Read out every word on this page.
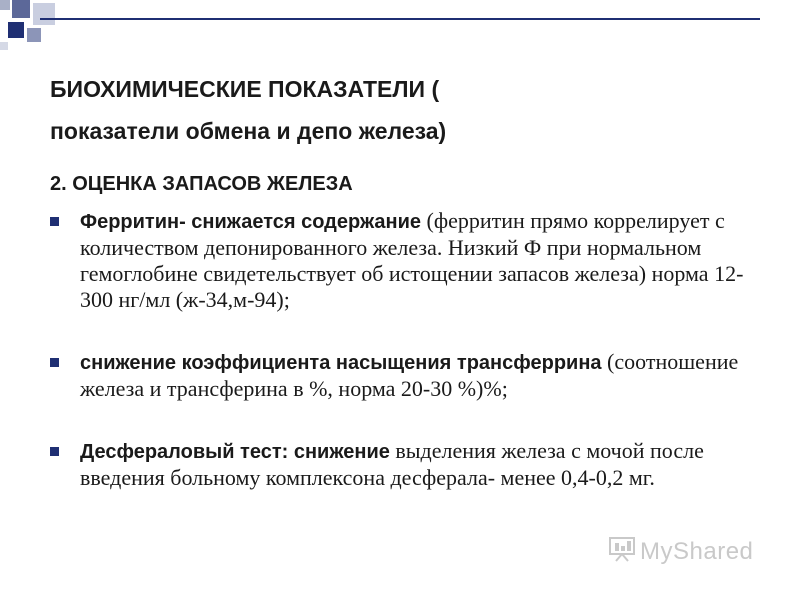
БИОХИМИЧЕСКИЕ ПОКАЗАТЕЛИ (
показатели обмена и депо железа)
2. ОЦЕНКА ЗАПАСОВ ЖЕЛЕЗА
Ферритин- снижается содержание (ферритин прямо коррелирует с количеством депонированного железа. Низкий Ф при нормальном гемоглобине свидетельствует об истощении запасов железа) норма 12-300 нг/мл (ж-34,м-94);
снижение коэффициента насыщения трансферрина (соотношение железа и трансферина в %, норма 20-30 %)%;
Десфераловый тест: снижение выделения железа с мочой после введения больному комплексона десферала- менее 0,4-0,2 мг.
MyShared
